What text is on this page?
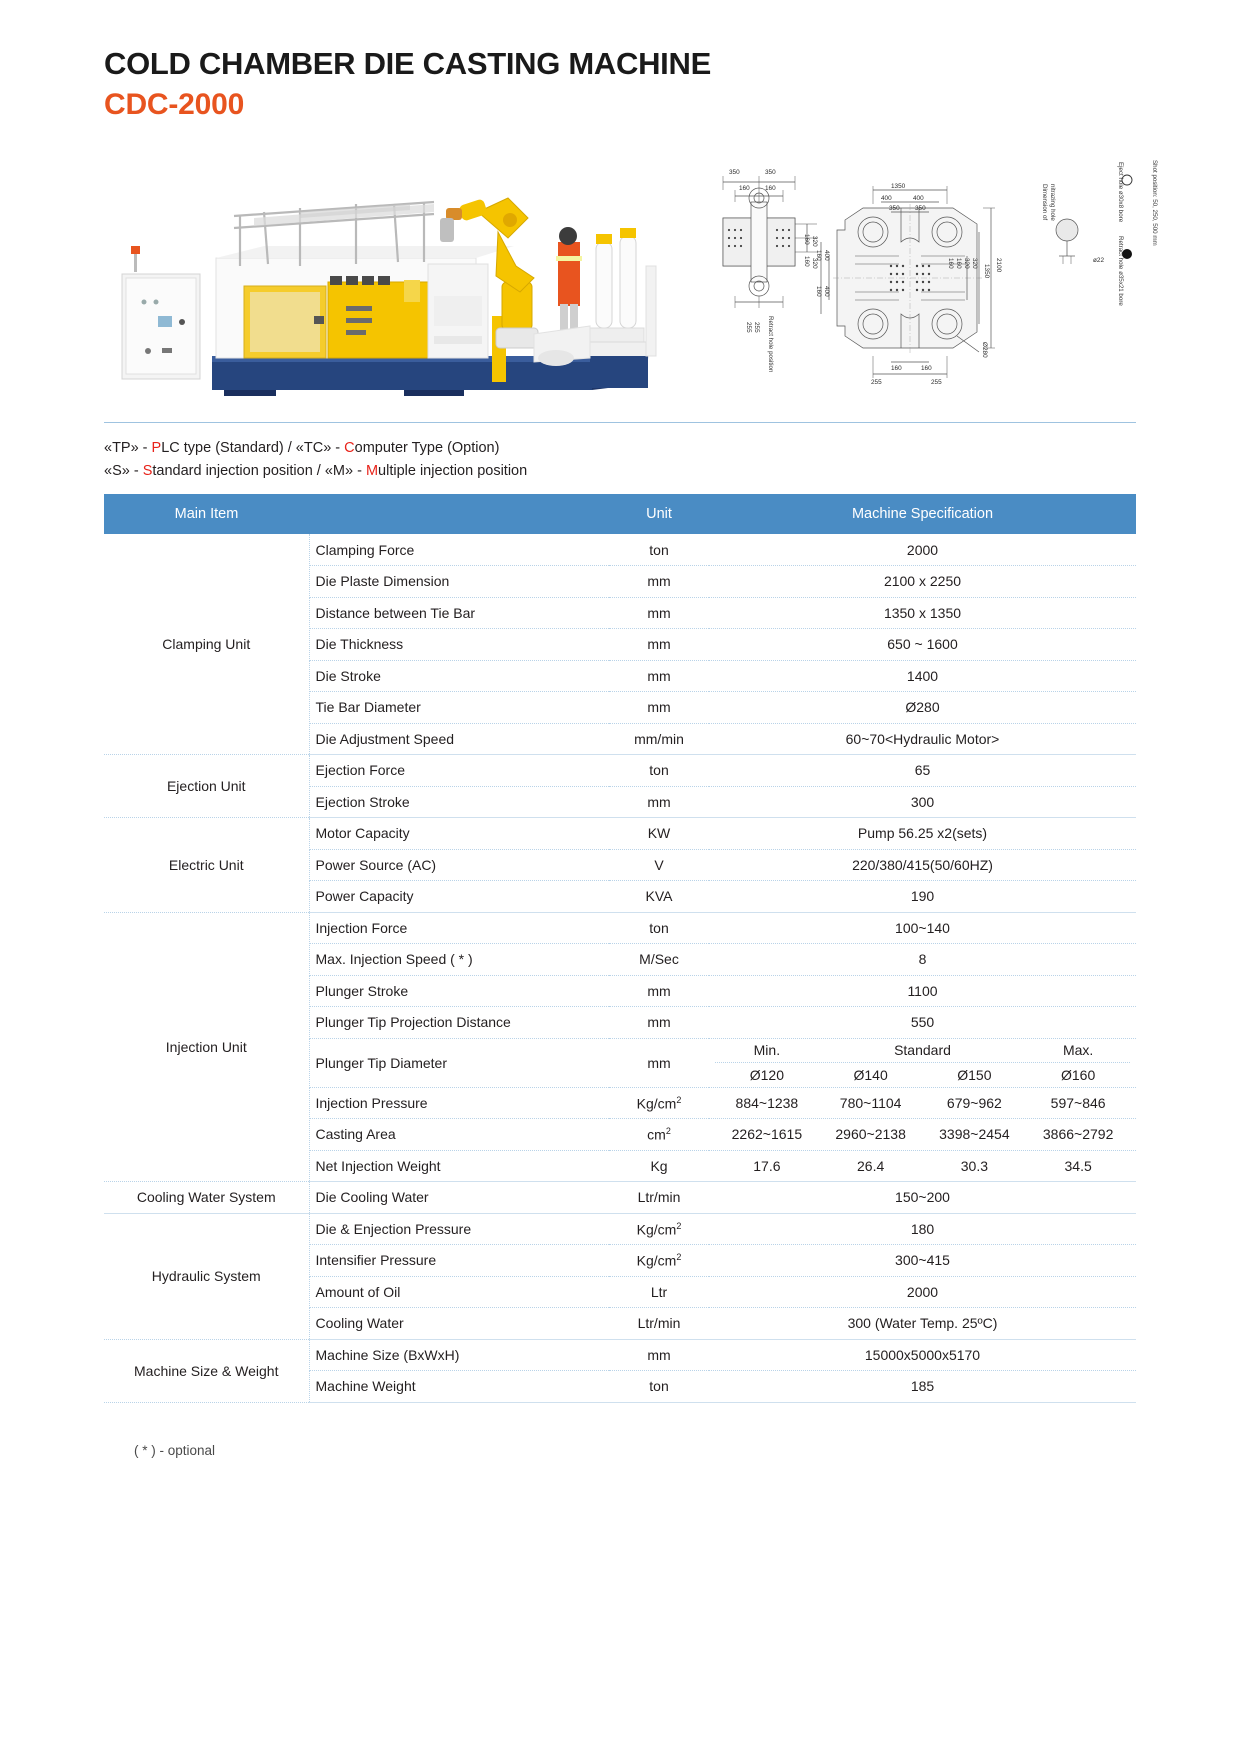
COLD CHAMBER DIE CASTING MACHINE
CDC-2000
350	350
160 160	1350
400	400
350 350
160	160
255	255
ø22
320
320
160
160
255 255
2100
1350
320
320
160
160
400
400
160
160
Ø280
Retract hole position
Dimension of nitrazing hole	Eject hole ø30x8 bore
Retract hole ø35x21 bore
Shot position: 50, 250, 500 mm
«TP» - PLC type (Standard) / «TC» - Computer Type (Option)
«S» - Standard injection position / «M» - Multiple injection position
Main Item		Unit	Machine Specification
Clamping Unit	Clamping Force	ton	2000
	Die Plaste Dimension	mm	2100 x 2250
	Distance between Tie Bar	mm	1350 x 1350
	Die Thickness	mm	650 ~ 1600
	Die Stroke	mm	1400
	Tie Bar Diameter	mm	Ø280
	Die Adjustment Speed	mm/min	60~70<Hydraulic Motor>
Ejection Unit	Ejection Force	ton	65
	Ejection Stroke	mm	300
Electric Unit	Motor Capacity	KW	Pump 56.25 x2(sets)
	Power Source (AC)	V	220/380/415(50/60HZ)
	Power Capacity	KVA	190
Injection Unit	Injection Force	ton	100~140
	Max. Injection Speed ( * )	M/Sec	8
	Plunger Stroke	mm	1100
	Plunger Tip Projection Distance	mm	550
Plunger Tip Diameter	mm	
Min.	Standard	Max.
Ø120	Ø140	Ø150	Ø160

	Injection Pressure	$Kg/cm^2$	884~1238 780~1104 679~962 597~846

	Casting Area	$cm^2$	2262~1615 2960~2138 3398~2454 3866~2792

	Net Injection Weight	Kg	17.6 26.4 30.3 34.5

Cooling Water System	Die Cooling Water	Ltr/min	150~200
Hydraulic System	Die & Enjection Pressure	$Kg/cm^2$	180
	Intensifier Pressure	$Kg/cm^2$	300~415
	Amount of Oil	Ltr	2000
	Cooling Water	Ltr/min	300 (Water Temp. 25ºC)
Machine Size & Weight	Machine Size (BxWxH)	mm	15000x5000x5170
	Machine Weight	ton	185
( * ) - optional
